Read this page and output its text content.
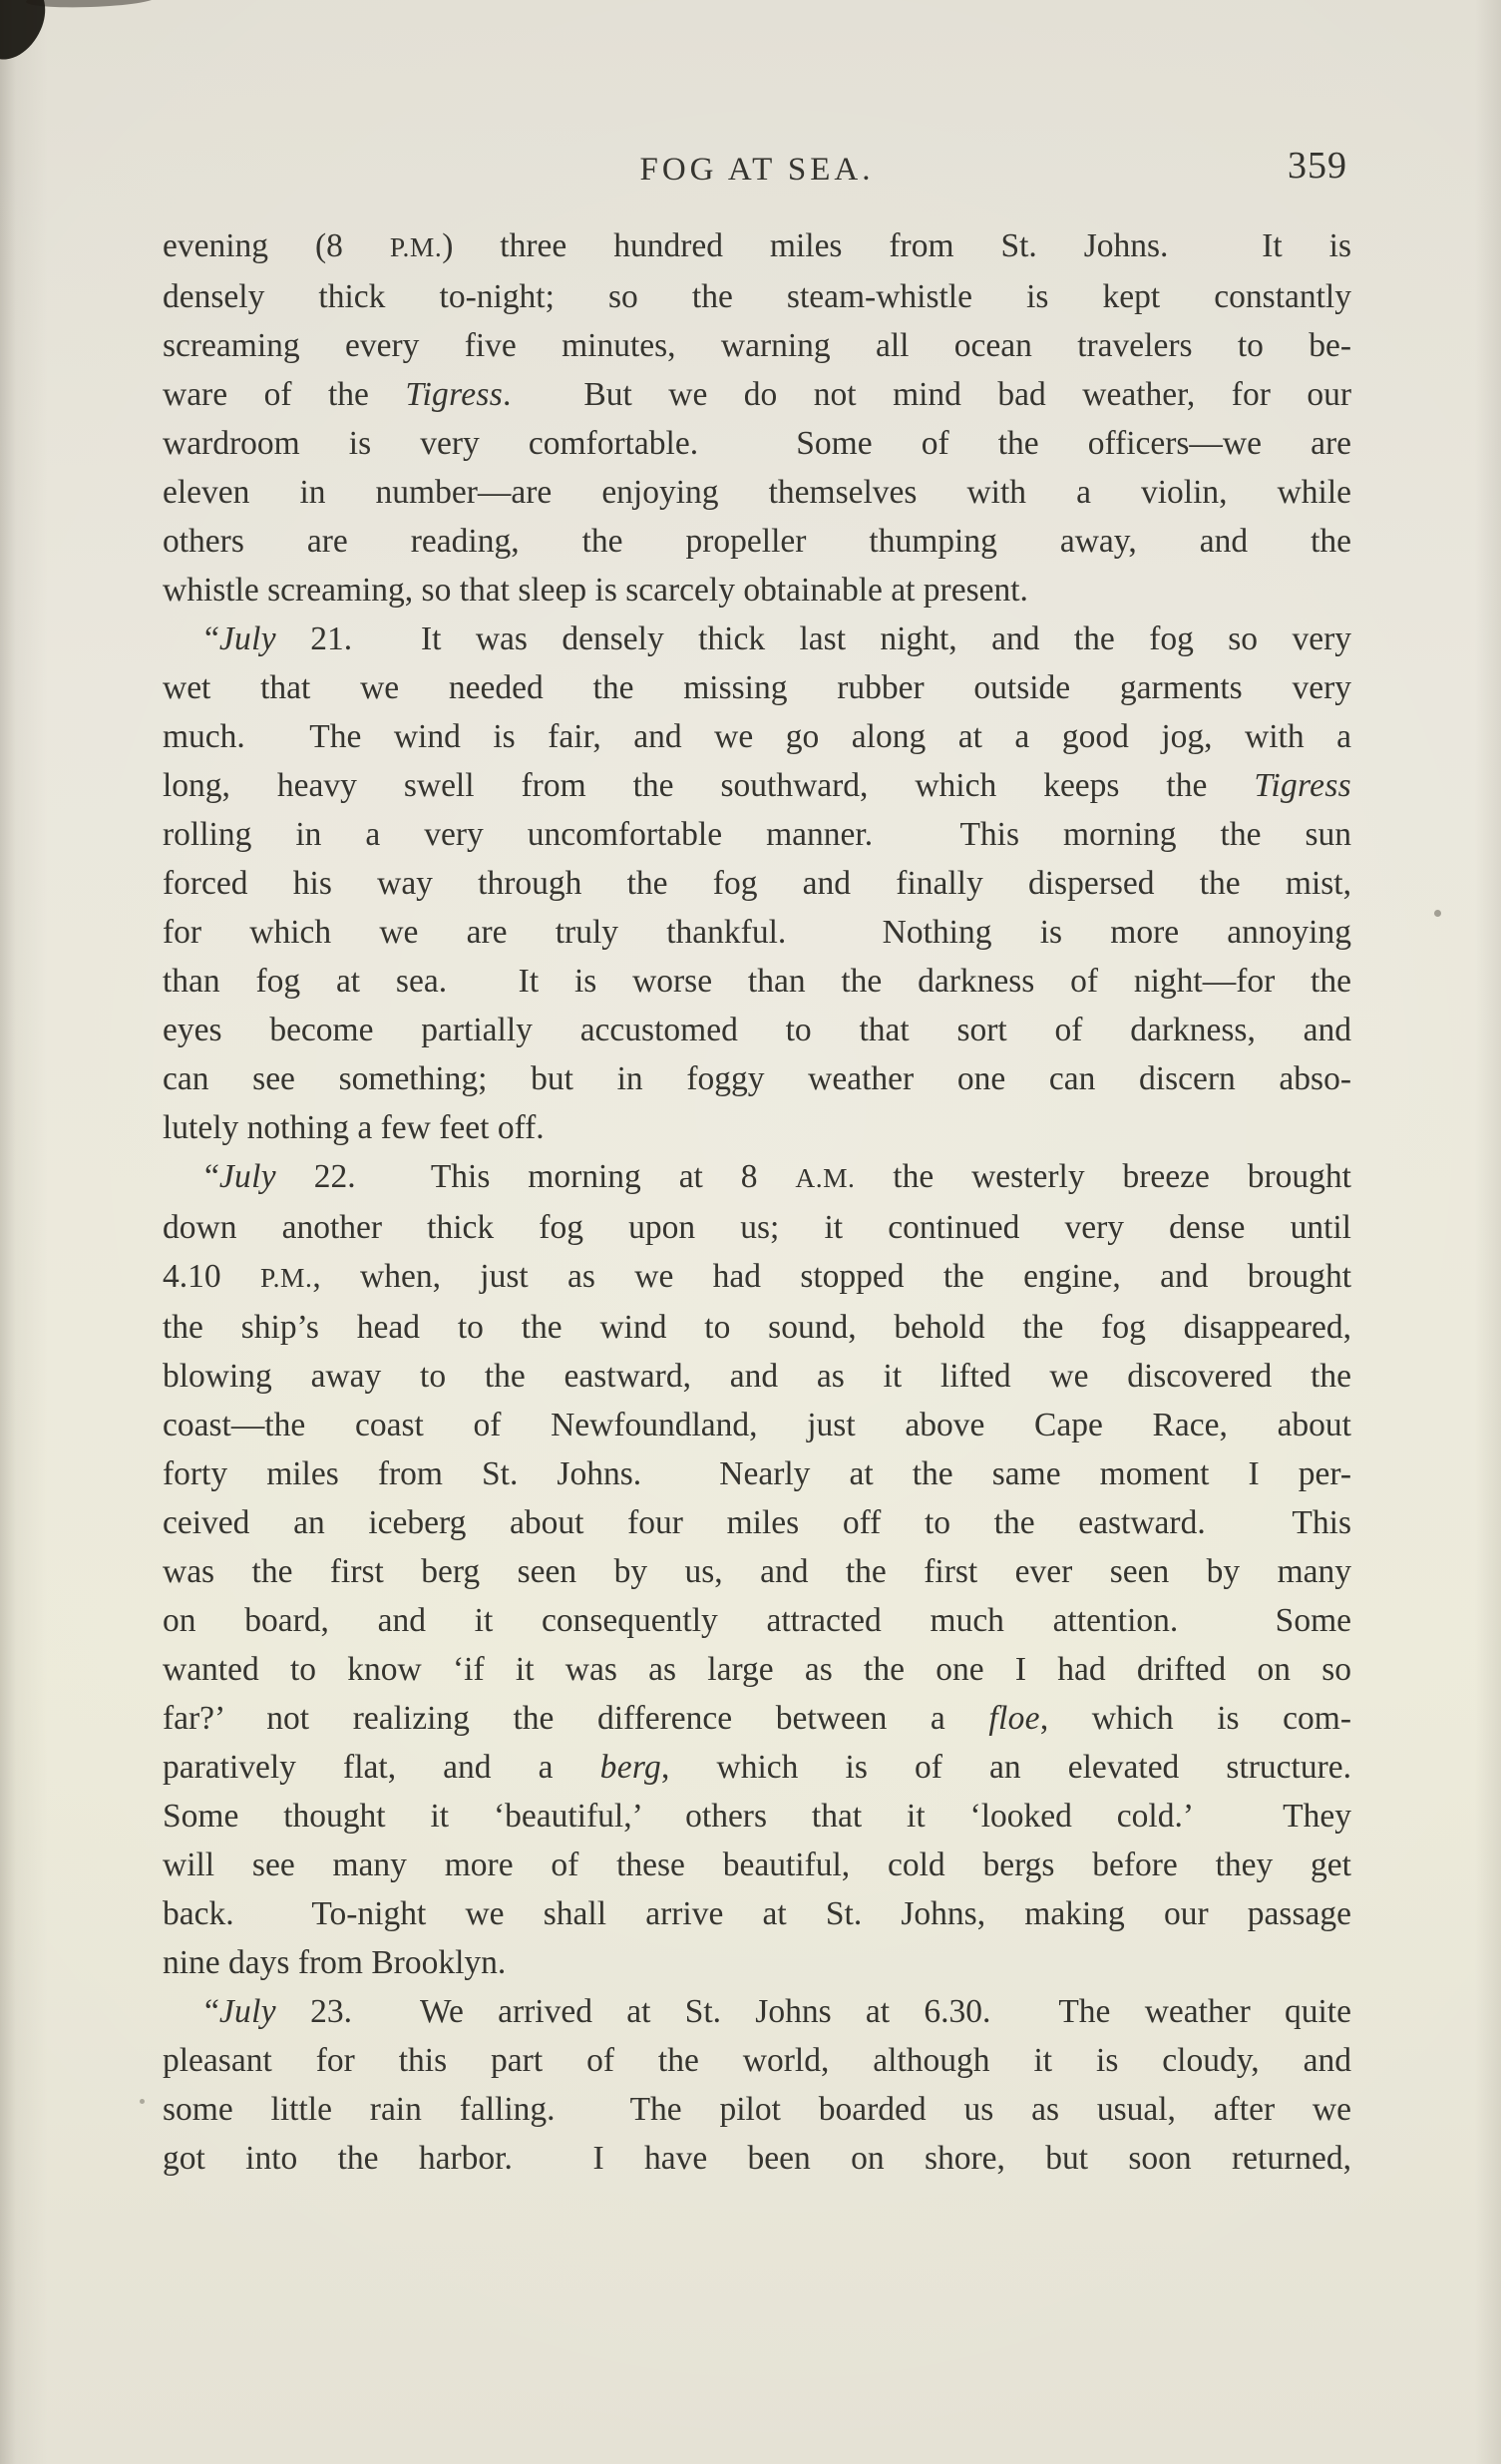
FOG AT SEA.	359
evening (8 P.M.) three hundred miles from St. Johns.  It is
densely thick to-night; so the steam-whistle is kept constantly
screaming every five minutes, warning all ocean travelers to be-
ware of the Tigress.  But we do not mind bad weather, for our
wardroom is very comfortable.  Some of the officers—we are
eleven in number—are enjoying themselves with a violin, while
others are reading, the propeller thumping away, and the
whistle screaming, so that sleep is scarcely obtainable at present.
“July 21.  It was densely thick last night, and the fog so very
wet that we needed the missing rubber outside garments very
much.  The wind is fair, and we go along at a good jog, with a
long, heavy swell from the southward, which keeps the Tigress
rolling in a very uncomfortable manner.  This morning the sun
forced his way through the fog and finally dispersed the mist,
for which we are truly thankful.  Nothing is more annoying
than fog at sea.  It is worse than the darkness of night—for the
eyes become partially accustomed to that sort of darkness, and
can see something; but in foggy weather one can discern abso-
lutely nothing a few feet off.
“July 22.  This morning at 8 A.M. the westerly breeze brought
down another thick fog upon us; it continued very dense until
4.10 P.M., when, just as we had stopped the engine, and brought
the ship’s head to the wind to sound, behold the fog disappeared,
blowing away to the eastward, and as it lifted we discovered the
coast—the coast of Newfoundland, just above Cape Race, about
forty miles from St. Johns.  Nearly at the same moment I per-
ceived an iceberg about four miles off to the eastward.  This
was the first berg seen by us, and the first ever seen by many
on board, and it consequently attracted much attention.  Some
wanted to know ‘if it was as large as the one I had drifted on so
far?’ not realizing the difference between a floe, which is com-
paratively flat, and a berg, which is of an elevated structure.
Some thought it ‘beautiful,’ others that it ‘looked cold.’  They
will see many more of these beautiful, cold bergs before they get
back.  To-night we shall arrive at St. Johns, making our passage
nine days from Brooklyn.
“July 23.  We arrived at St. Johns at 6.30.  The weather quite
pleasant for this part of the world, although it is cloudy, and
some little rain falling.  The pilot boarded us as usual, after we
got into the harbor.  I have been on shore, but soon returned,
